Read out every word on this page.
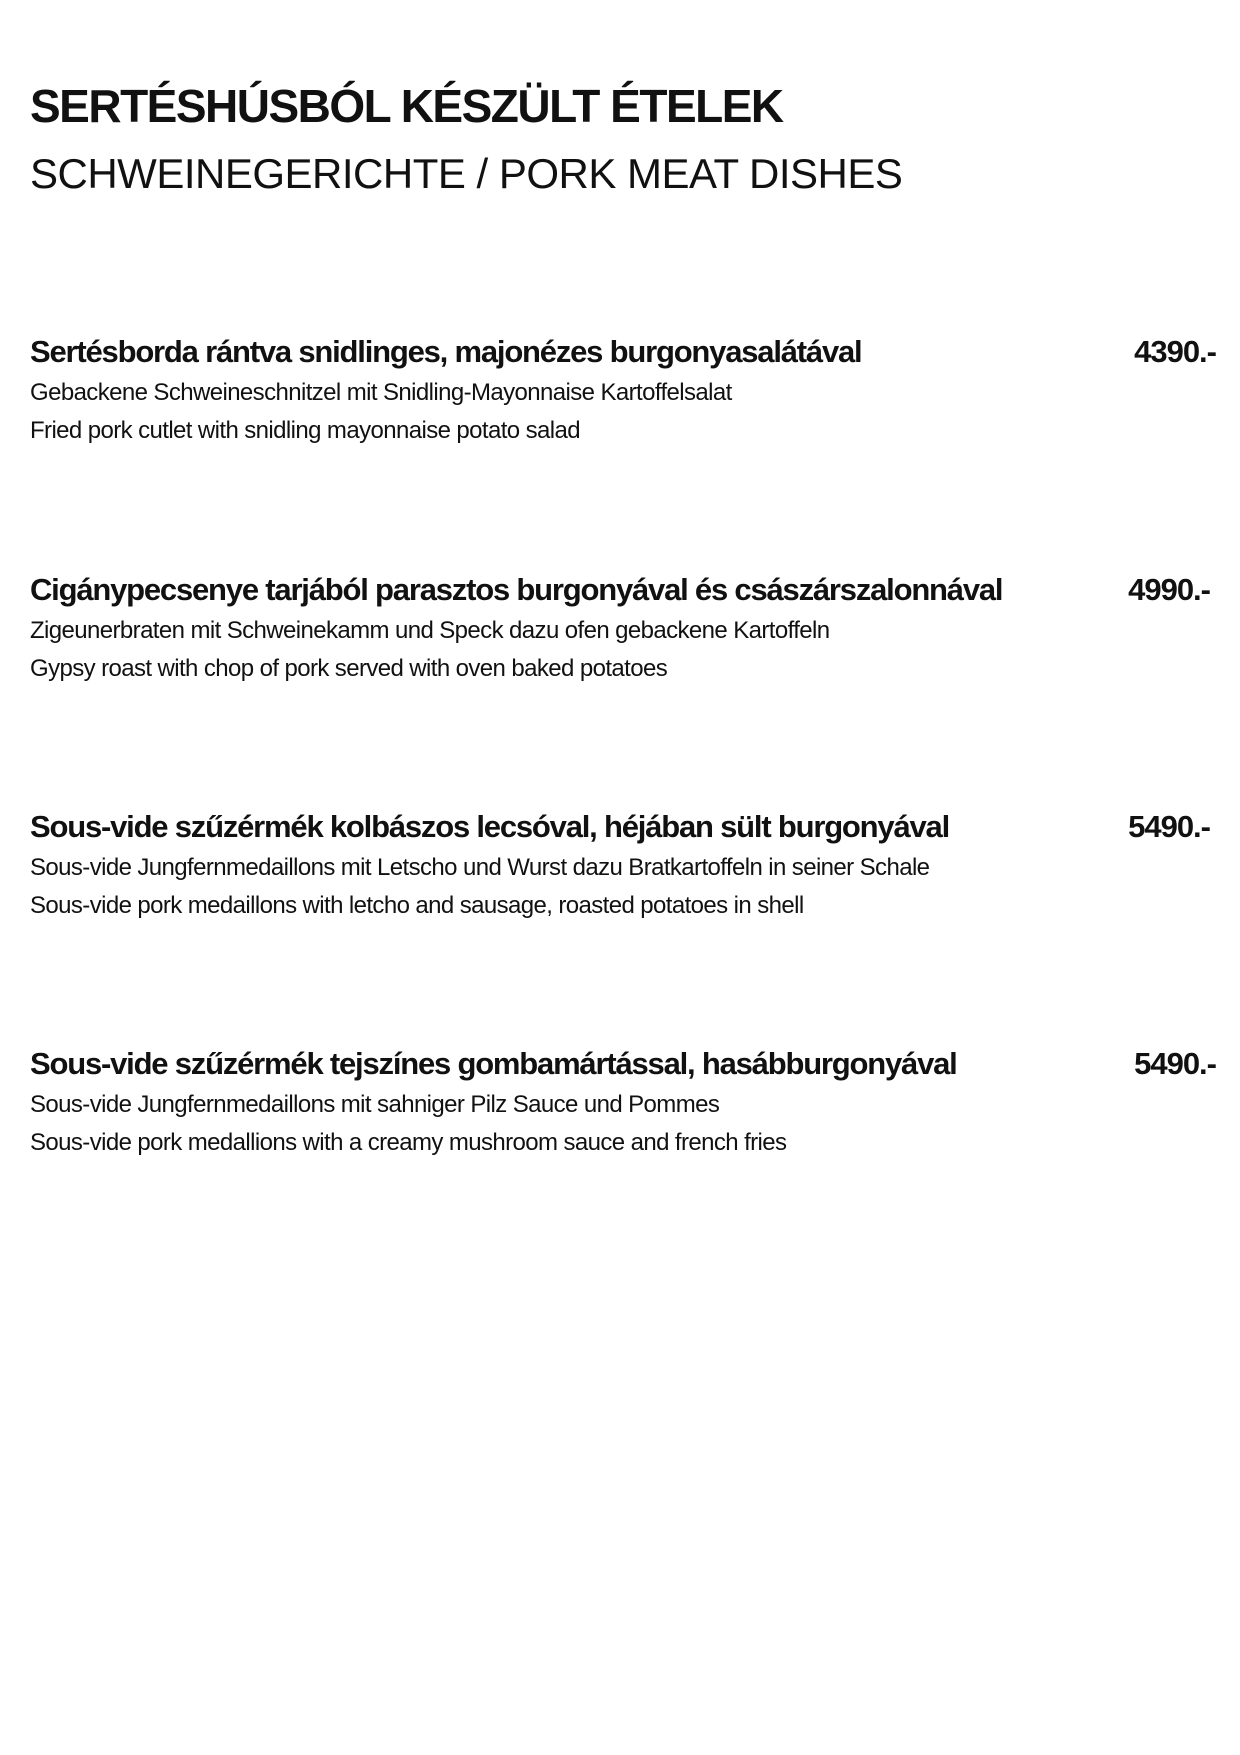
SERTÉSHÚSBÓL KÉSZÜLT ÉTELEK
SCHWEINEGERICHTE / PORK MEAT DISHES
Sertésborda rántva snidlinges, majonézes burgonyasalátával	4390.-
Gebackene Schweineschnitzel mit Snidling-Mayonnaise Kartoffelsalat
Fried pork cutlet with snidling mayonnaise potato salad
Cigánypecsenye tarjából parasztos burgonyával és császárszalonnával	4990.-
Zigeunerbraten mit Schweinekamm und Speck dazu ofen gebackene Kartoffeln
Gypsy roast with chop of pork served with oven baked potatoes
Sous-vide szűzérmék kolbászos lecsóval, héjában sült burgonyával	5490.-
Sous-vide Jungfernmedaillons mit Letscho und Wurst dazu Bratkartoffeln in seiner Schale
Sous-vide pork medaillons with letcho and sausage, roasted potatoes in shell
Sous-vide szűzérmék tejszínes gombamártással, hasábburgonyával	5490.-
Sous-vide Jungfernmedaillons mit sahniger Pilz Sauce und Pommes
Sous-vide pork medallions with a creamy mushroom sauce and french fries
